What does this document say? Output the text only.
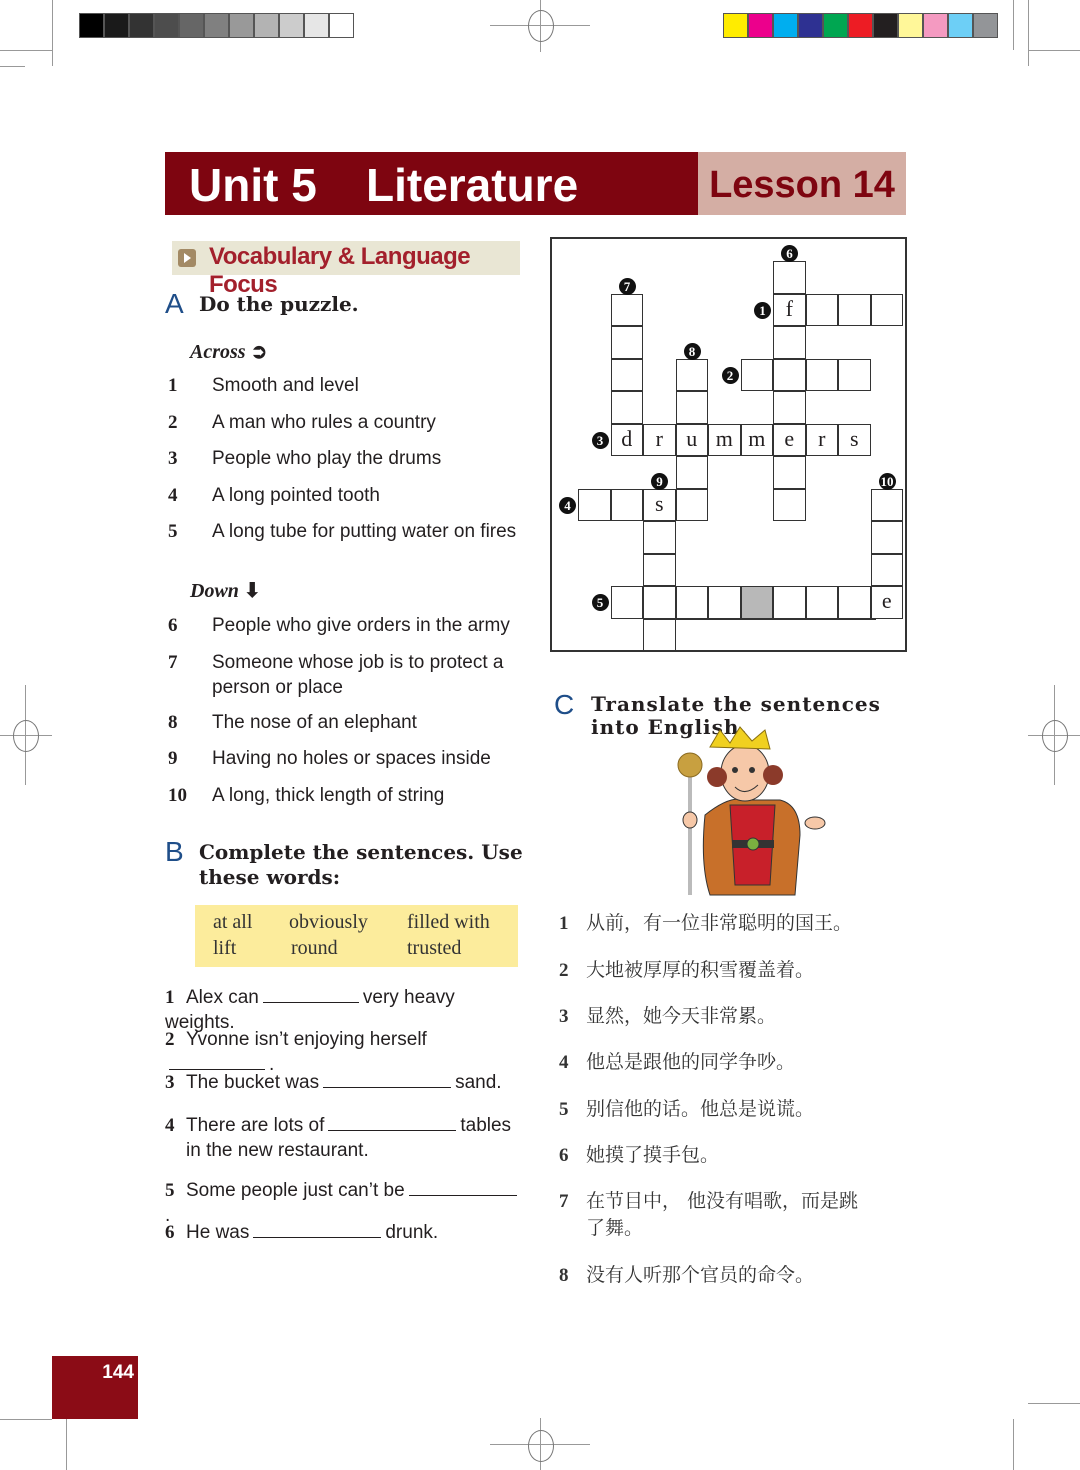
Unit 5 Literature	Lesson 14
Vocabulary & Language Focus
A Do the puzzle.
Across ➲
Down ⬇
f
e
d	u
r	m m	r	s
s
e
1
2
3
4
5
6
7
8
9	10
B Complete the sentences. Use these words:
at all obviously filled with
lift	round	trusted
C Translate the sentences into English.
144
1 Smooth and level
2 A man who rules a country
3 People who play the drums
4 A long pointed tooth
5 A long tube for putting water on fires
6 People who give orders in the army
7 Someone whose job is to protect a person or place
8 The nose of an elephant
9 Having no holes or spaces inside
10 A long, thick length of string
1 Alex can	very heavy weights.
2 Yvonne isn’t enjoying herself.
3 The bucket was	sand.
4 There are lots of	tables
in the new restaurant.
5 Some people just can’t be.
6 He was	drunk.
1 从前，有一位非常聪明的国王。
2 大地被厚厚的积雪覆盖着。
3 显然，她今天非常累。
4 他总是跟他的同学争吵。
5 别信他的话。他总是说谎。
6 她摸了摸手包。
7 在节目中， 他没有唱歌，而是跳
了舞。
8 没有人听那个官员的命令。
